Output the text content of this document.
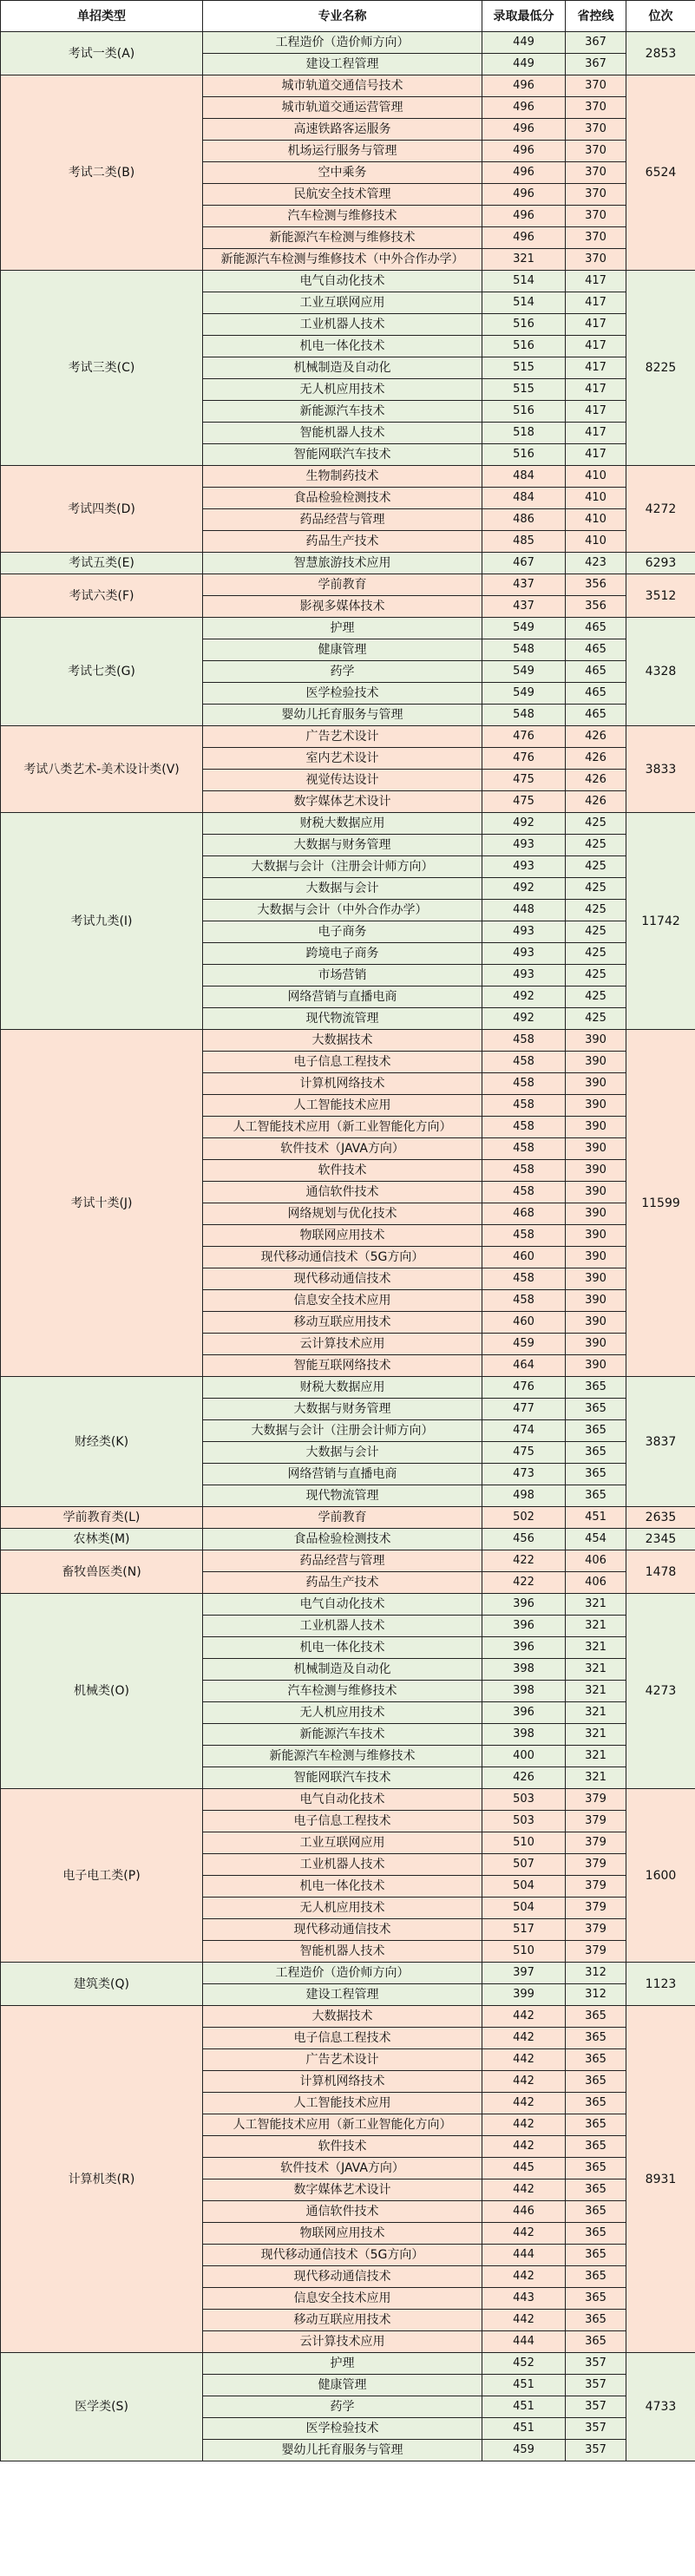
单招类型	专业名称	录取最低分	省控线	位次
考试一类(A)	工程造价（造价师方向）	449	367	2853
	建设工程管理	449	367	
考试二类(B)	城市轨道交通信号技术	496	370	6524
	城市轨道交通运营管理	496	370	
	高速铁路客运服务	496	370	
	机场运行服务与管理	496	370	
	空中乘务	496	370	
	民航安全技术管理	496	370	
	汽车检测与维修技术	496	370	
	新能源汽车检测与维修技术	496	370	
	新能源汽车检测与维修技术（中外合作办学）	321	370	
考试三类(C)	电气自动化技术	514	417	8225
	工业互联网应用	514	417	
	工业机器人技术	516	417	
	机电一体化技术	516	417	
	机械制造及自动化	515	417	
	无人机应用技术	515	417	
	新能源汽车技术	516	417	
	智能机器人技术	518	417	
	智能网联汽车技术	516	417	
考试四类(D)	生物制药技术	484	410	4272
	食品检验检测技术	484	410	
	药品经营与管理	486	410	
	药品生产技术	485	410	
考试五类(E)	智慧旅游技术应用	467	423	6293
考试六类(F)	学前教育	437	356	3512
	影视多媒体技术	437	356	
考试七类(G)	护理	549	465	4328
	健康管理	548	465	
	药学	549	465	
	医学检验技术	549	465	
	婴幼儿托育服务与管理	548	465	
考试八类艺术-美术设计类(V)	广告艺术设计	476	426	3833
	室内艺术设计	476	426	
	视觉传达设计	475	426	
	数字媒体艺术设计	475	426	
考试九类(I)	财税大数据应用	492	425	11742
	大数据与财务管理	493	425	
	大数据与会计（注册会计师方向）	493	425	
	大数据与会计	492	425	
	大数据与会计（中外合作办学）	448	425	
	电子商务	493	425	
	跨境电子商务	493	425	
	市场营销	493	425	
	网络营销与直播电商	492	425	
	现代物流管理	492	425	
考试十类(J)	大数据技术	458	390	11599
	电子信息工程技术	458	390	
	计算机网络技术	458	390	
	人工智能技术应用	458	390	
	人工智能技术应用（新工业智能化方向）	458	390	
	软件技术（JAVA方向）	458	390	
	软件技术	458	390	
	通信软件技术	458	390	
	网络规划与优化技术	468	390	
	物联网应用技术	458	390	
	现代移动通信技术（5G方向）	460	390	
	现代移动通信技术	458	390	
	信息安全技术应用	458	390	
	移动互联应用技术	460	390	
	云计算技术应用	459	390	
	智能互联网络技术	464	390	
财经类(K)	财税大数据应用	476	365	3837
	大数据与财务管理	477	365	
	大数据与会计（注册会计师方向）	474	365	
	大数据与会计	475	365	
	网络营销与直播电商	473	365	
	现代物流管理	498	365	
学前教育类(L)	学前教育	502	451	2635
农林类(M)	食品检验检测技术	456	454	2345
畜牧兽医类(N)	药品经营与管理	422	406	1478
	药品生产技术	422	406	
机械类(O)	电气自动化技术	396	321	4273
	工业机器人技术	396	321	
	机电一体化技术	396	321	
	机械制造及自动化	398	321	
	汽车检测与维修技术	398	321	
	无人机应用技术	396	321	
	新能源汽车技术	398	321	
	新能源汽车检测与维修技术	400	321	
	智能网联汽车技术	426	321	
电子电工类(P)	电气自动化技术	503	379	1600
	电子信息工程技术	503	379	
	工业互联网应用	510	379	
	工业机器人技术	507	379	
	机电一体化技术	504	379	
	无人机应用技术	504	379	
	现代移动通信技术	517	379	
	智能机器人技术	510	379	
建筑类(Q)	工程造价（造价师方向）	397	312	1123
	建设工程管理	399	312	
计算机类(R)	大数据技术	442	365	8931
	电子信息工程技术	442	365	
	广告艺术设计	442	365	
	计算机网络技术	442	365	
	人工智能技术应用	442	365	
	人工智能技术应用（新工业智能化方向）	442	365	
	软件技术	442	365	
	软件技术（JAVA方向）	445	365	
	数字媒体艺术设计	442	365	
	通信软件技术	446	365	
	物联网应用技术	442	365	
	现代移动通信技术（5G方向）	444	365	
	现代移动通信技术	442	365	
	信息安全技术应用	443	365	
	移动互联应用技术	442	365	
	云计算技术应用	444	365	
医学类(S)	护理	452	357	4733
	健康管理	451	357	
	药学	451	357	
	医学检验技术	451	357	
	婴幼儿托育服务与管理	459	357	
